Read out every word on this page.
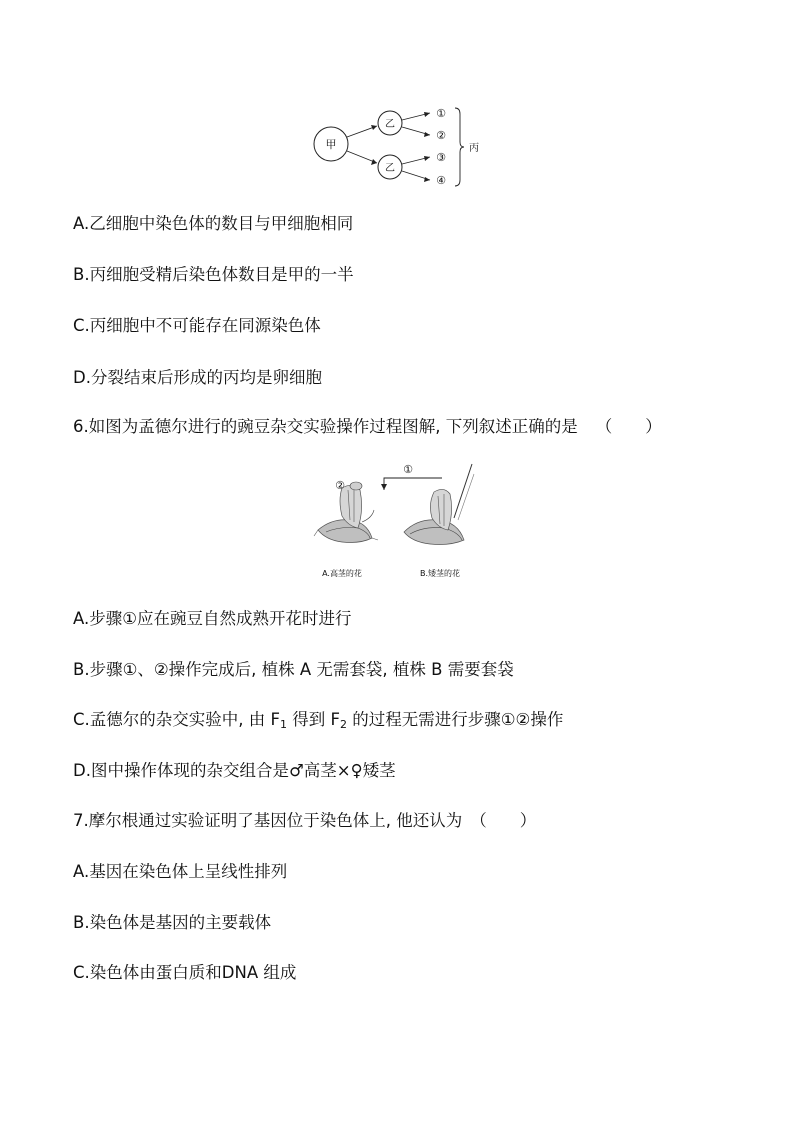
甲
乙
乙
①
②
③
④
丙
A.乙细胞中染色体的数目与甲细胞相同
B.丙细胞受精后染色体数目是甲的一半
C.丙细胞中不可能存在同源染色体
D.分裂结束后形成的丙均是卵细胞
6.如图为孟德尔进行的豌豆杂交实验操作过程图解, 下列叙述正确的是 （　　）
②
①
A.高茎的花	B.矮茎的花
A.步骤①应在豌豆自然成熟开花时进行
B.步骤①、②操作完成后, 植株 A 无需套袋, 植株 B 需要套袋
C.孟德尔的杂交实验中, 由 $F_1$ 得到 $F_2$ 的过程无需进行步骤①②操作
D.图中操作体现的杂交组合是♂高茎×♀矮茎
7.摩尔根通过实验证明了基因位于染色体上, 他还认为 （　　）
A.基因在染色体上呈线性排列
B.染色体是基因的主要载体
C.染色体由蛋白质和DNA 组成
